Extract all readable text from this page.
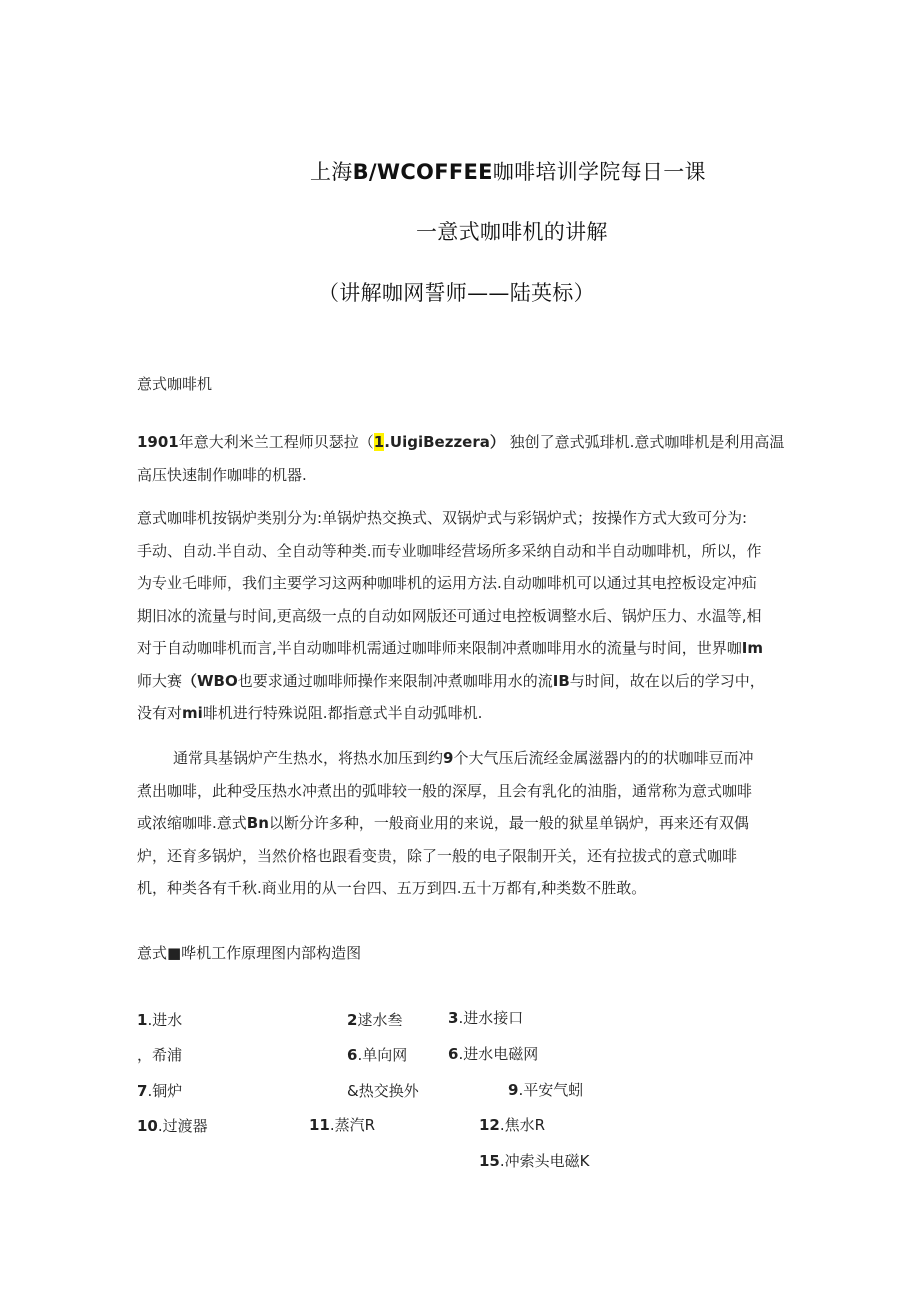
上海B/WCOFFEE咖啡培训学院每日一课
一意式咖啡机的讲解
（讲解咖网誓师——陆英标）
意式咖啡机
1901年意大利米兰工程师贝瑟拉（1.UigiBezzera） 独创了意式弧琲机.意式咖啡机是利用高温
高压快速制作咖啡的机器.
意式咖啡机按锅炉类别分为:单锅炉热交换式、双锅炉式与彩锅炉式；按操作方式大致可分为:
手动、自动.半自动、全自动等种类.而专业咖啡经营场所多采纳自动和半自动咖啡机，所以，作
为专业乇啡师，我们主要学习这两种咖啡机的运用方法.自动咖啡机可以通过其电控板设定冲疝
期旧冰的流量与时间,更高级一点的自动如网版还可通过电控板调整水后、锅炉压力、水温等,相
对于自动咖啡机而言,半自动咖啡机需通过咖啡师来限制冲煮咖啡用水的流量与时间，世界咖Im
师大赛（WBO也要求通过咖啡师操作来限制冲煮咖啡用水的流IB与时间，故在以后的学习中，
没有对mi啡机进行特殊说阻.都指意式半自动弧啡机.
通常具基锅炉产生热水，将热水加压到约9个大气压后流经金属滋器内的的状咖啡豆而冲
煮出咖啡，此种受压热水冲煮出的弧啡较一般的深厚，且会有乳化的油脂，通常称为意式咖啡
或浓缩咖啡.意式Bn以断分许多种，一般商业用的来说，最一般的狱星单锅炉，再来还有双偶
炉，还育多锅炉，当然价格也跟看变贵，除了一般的电子限制开关，还有拉拔式的意式咖啡
机，种类各有千秋.商业用的从一台四、五万到四.五十万都有,种类数不胜敢。
意式■哗机工作原理图内部构造图
1.进水	2逑水叁	3.进水接口
，希浦	6.单向网	6.进水电磁网
7.铜炉	&热交换外	9.平安气蚓
10.过渡器	11.蒸汽R	12.焦水R
15.冲索头电磁K
